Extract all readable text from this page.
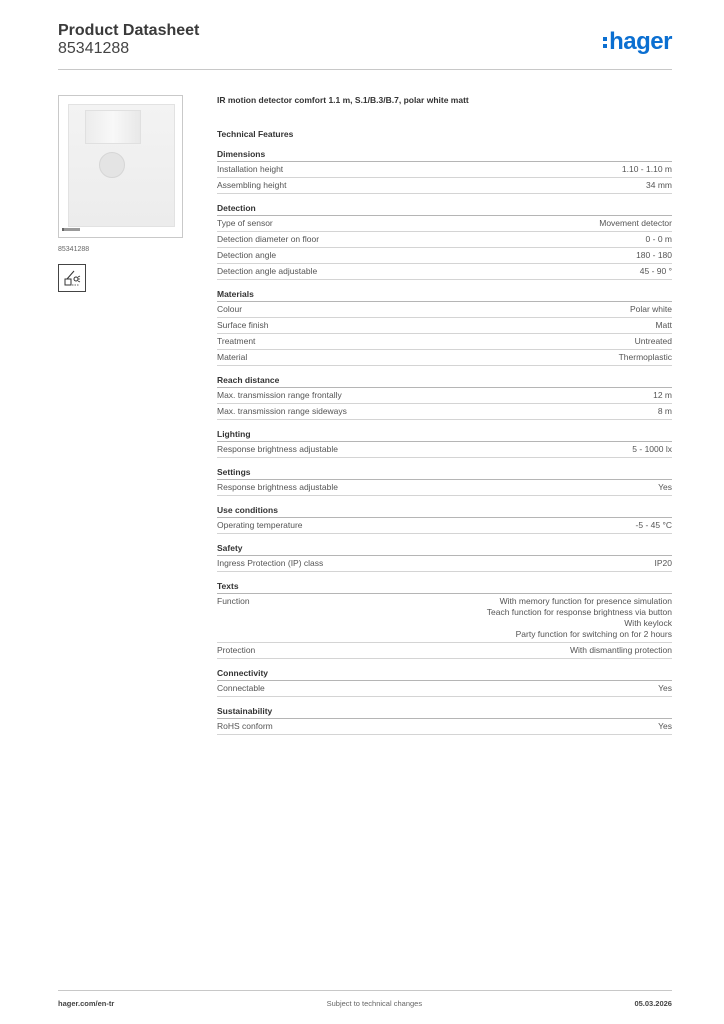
Product Datasheet
85341288	hager
85341288
IR motion detector comfort 1.1 m, S.1/B.3/B.7, polar white matt
Technical Features
Dimensions
Installation height	1.10 - 1.10 m
Assembling height	34 mm
Detection
Type of sensor	Movement detector
Detection diameter on floor	0 - 0 m
Detection angle	180 - 180
Detection angle adjustable	45 - 90 °
Materials
Colour	Polar white
Surface finish	Matt
Treatment	Untreated
Material	Thermoplastic
Reach distance
Max. transmission range frontally	12 m
Max. transmission range sideways	8 m
Lighting
Response brightness adjustable	5 - 1000 lx
Settings
Response brightness adjustable	Yes
Use conditions
Operating temperature	-5 - 45 °C
Safety
Ingress Protection (IP) class	IP20
Texts
Function	With memory function for presence simulation
Teach function for response brightness via button
With keylock
Party function for switching on for 2 hours
Protection	With dismantling protection
Connectivity
Connectable	Yes
Sustainability
RoHS conform	Yes
hager.com/en-tr	Subject to technical changes	05.03.2026
